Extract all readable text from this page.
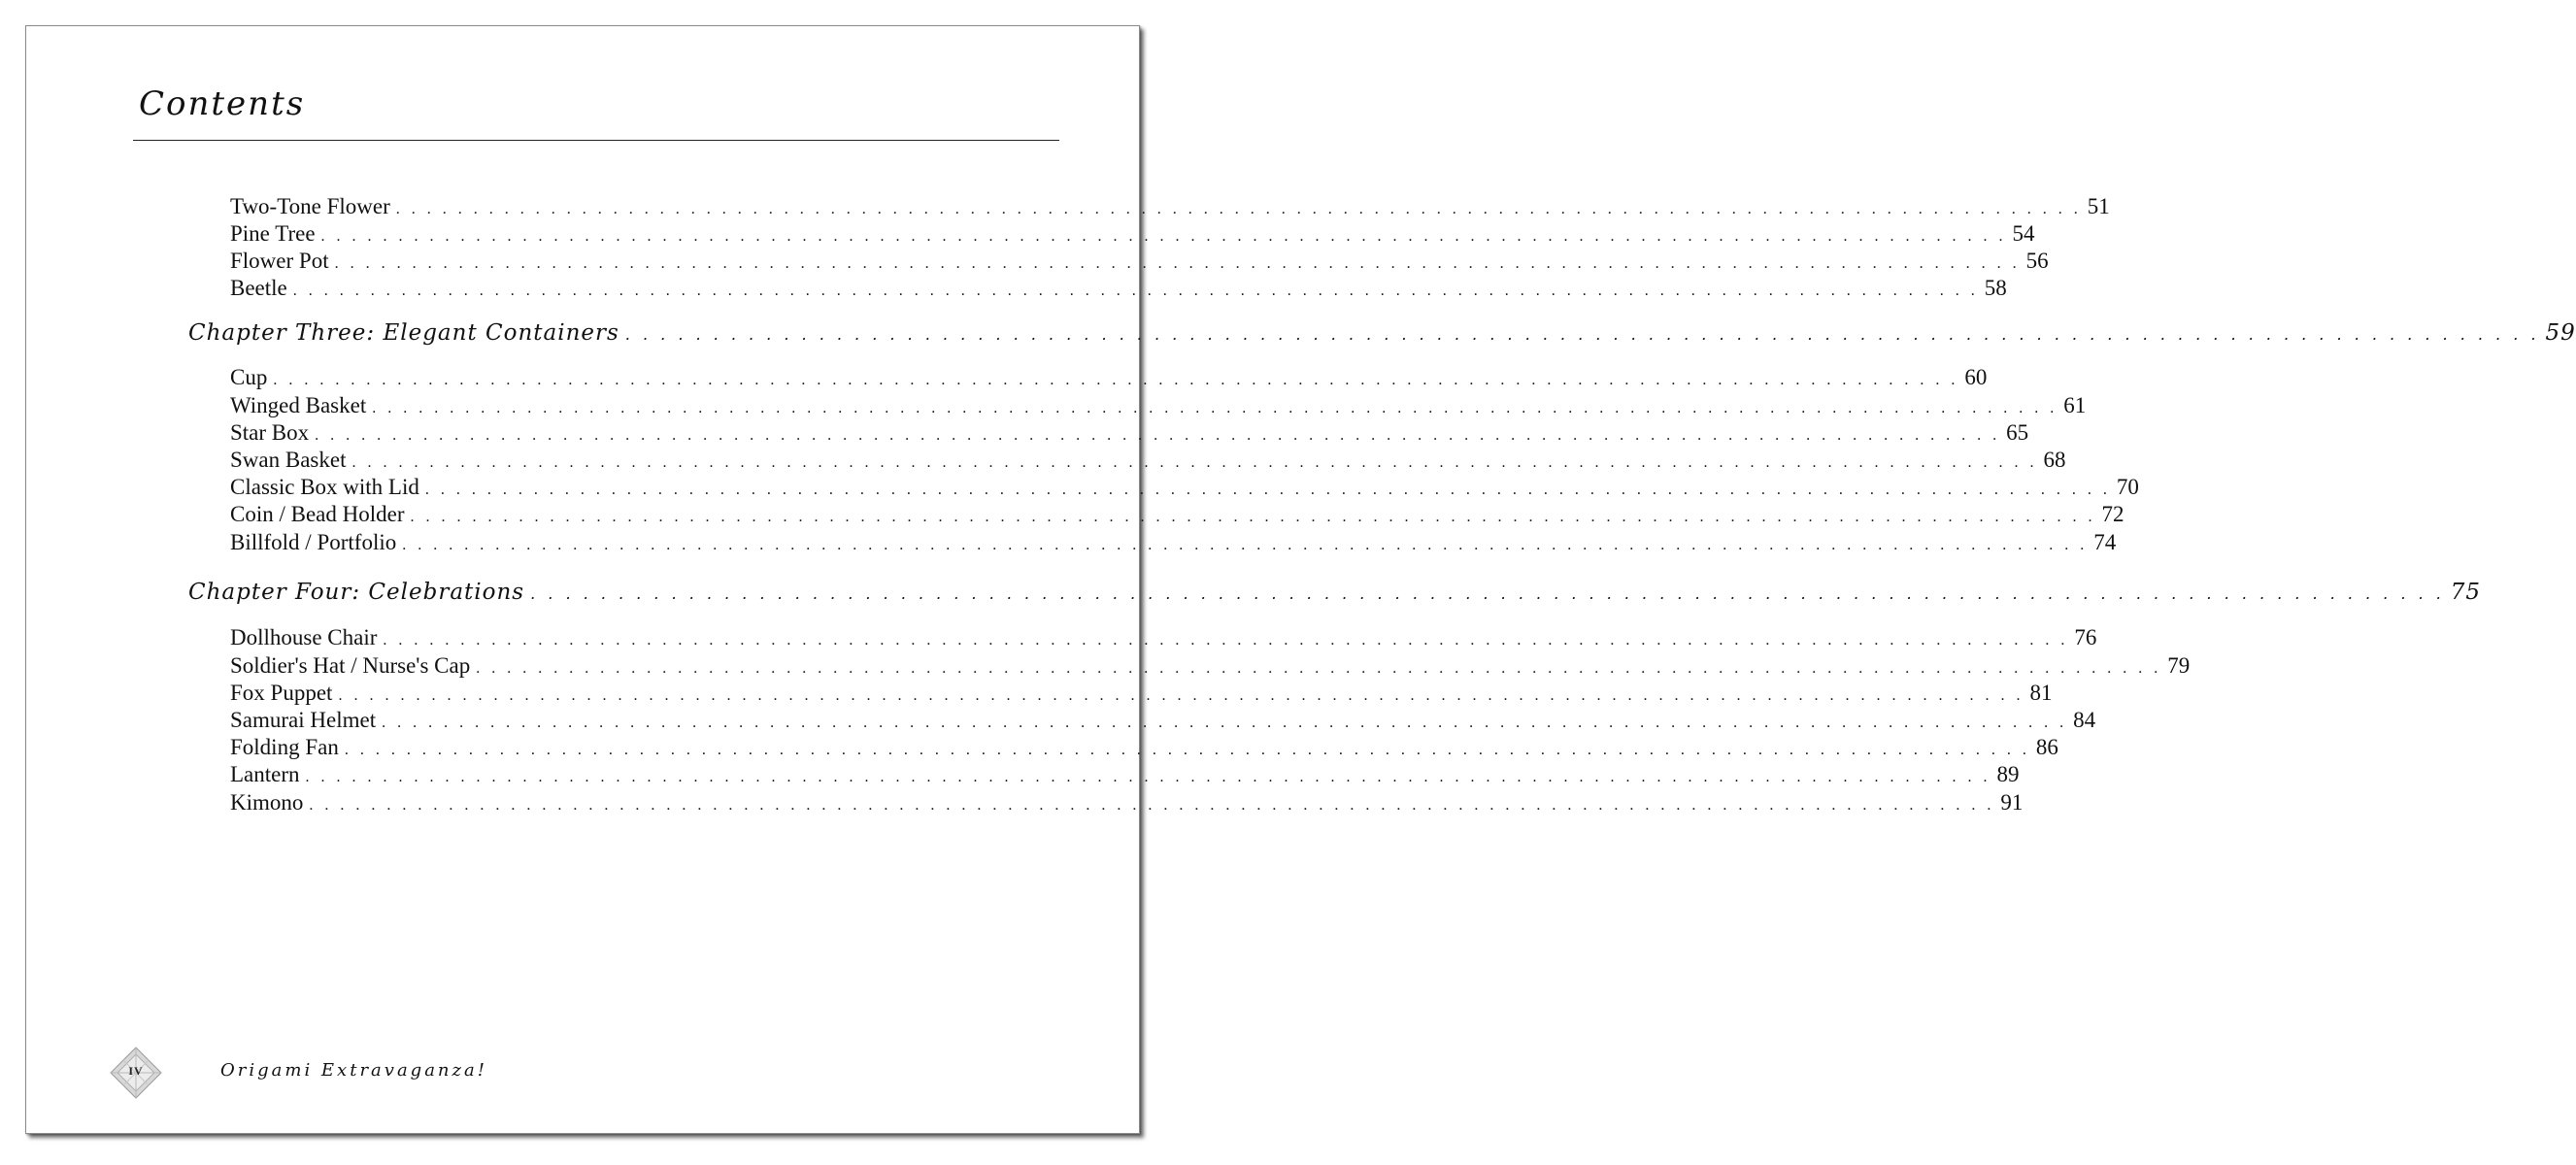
Contents
Two-Tone Flower . . . . . . . . . . . . . . . . . . . . . . . . . . . . . . . . . . . . . . . . . . . . . . . . . . . . . . . . . . . . . . . . . . . . . . . . . . . . . . . . . . . . . . . . . . . . . . . . . . . . . . . . . . . . . 51
Pine Tree . . . . . . . . . . . . . . . . . . . . . . . . . . . . . . . . . . . . . . . . . . . . . . . . . . . . . . . . . . . . . . . . . . . . . . . . . . . . . . . . . . . . . . . . . . . . . . . . . . . . . . . . . . . . . 54
Flower Pot . . . . . . . . . . . . . . . . . . . . . . . . . . . . . . . . . . . . . . . . . . . . . . . . . . . . . . . . . . . . . . . . . . . . . . . . . . . . . . . . . . . . . . . . . . . . . . . . . . . . . . . . . . . . . 56
Beetle . . . . . . . . . . . . . . . . . . . . . . . . . . . . . . . . . . . . . . . . . . . . . . . . . . . . . . . . . . . . . . . . . . . . . . . . . . . . . . . . . . . . . . . . . . . . . . . . . . . . . . . . . . . . . 58
Chapter Three: Elegant Containers . . . . . . . . . . . . . . . . . . . . . . . . . . . . . . . . . . . . . . . . . . . . . . . . . . . . . . . . . . . . . . . . . . . . . . . . . . . . . . . . . . . . . . . . . . . . . . . . . . . . . . . . . . . . . 59
Cup . . . . . . . . . . . . . . . . . . . . . . . . . . . . . . . . . . . . . . . . . . . . . . . . . . . . . . . . . . . . . . . . . . . . . . . . . . . . . . . . . . . . . . . . . . . . . . . . . . . . . . . . . . . . . 60
Winged Basket . . . . . . . . . . . . . . . . . . . . . . . . . . . . . . . . . . . . . . . . . . . . . . . . . . . . . . . . . . . . . . . . . . . . . . . . . . . . . . . . . . . . . . . . . . . . . . . . . . . . . . . . . . . . . 61
Star Box . . . . . . . . . . . . . . . . . . . . . . . . . . . . . . . . . . . . . . . . . . . . . . . . . . . . . . . . . . . . . . . . . . . . . . . . . . . . . . . . . . . . . . . . . . . . . . . . . . . . . . . . . . . . . 65
Swan Basket . . . . . . . . . . . . . . . . . . . . . . . . . . . . . . . . . . . . . . . . . . . . . . . . . . . . . . . . . . . . . . . . . . . . . . . . . . . . . . . . . . . . . . . . . . . . . . . . . . . . . . . . . . . . . 68
Classic Box with Lid . . . . . . . . . . . . . . . . . . . . . . . . . . . . . . . . . . . . . . . . . . . . . . . . . . . . . . . . . . . . . . . . . . . . . . . . . . . . . . . . . . . . . . . . . . . . . . . . . . . . . . . . . . . . . 70
Coin / Bead Holder . . . . . . . . . . . . . . . . . . . . . . . . . . . . . . . . . . . . . . . . . . . . . . . . . . . . . . . . . . . . . . . . . . . . . . . . . . . . . . . . . . . . . . . . . . . . . . . . . . . . . . . . . . . . . 72
Billfold / Portfolio . . . . . . . . . . . . . . . . . . . . . . . . . . . . . . . . . . . . . . . . . . . . . . . . . . . . . . . . . . . . . . . . . . . . . . . . . . . . . . . . . . . . . . . . . . . . . . . . . . . . . . . . . . . . . 74
Chapter Four: Celebrations . . . . . . . . . . . . . . . . . . . . . . . . . . . . . . . . . . . . . . . . . . . . . . . . . . . . . . . . . . . . . . . . . . . . . . . . . . . . . . . . . . . . . . . . . . . . . . . . . . . . . . . . . . . . . 75
Dollhouse Chair . . . . . . . . . . . . . . . . . . . . . . . . . . . . . . . . . . . . . . . . . . . . . . . . . . . . . . . . . . . . . . . . . . . . . . . . . . . . . . . . . . . . . . . . . . . . . . . . . . . . . . . . . . . . . 76
Soldier's Hat / Nurse's Cap . . . . . . . . . . . . . . . . . . . . . . . . . . . . . . . . . . . . . . . . . . . . . . . . . . . . . . . . . . . . . . . . . . . . . . . . . . . . . . . . . . . . . . . . . . . . . . . . . . . . . . . . . . . . . 79
Fox Puppet . . . . . . . . . . . . . . . . . . . . . . . . . . . . . . . . . . . . . . . . . . . . . . . . . . . . . . . . . . . . . . . . . . . . . . . . . . . . . . . . . . . . . . . . . . . . . . . . . . . . . . . . . . . . . 81
Samurai Helmet . . . . . . . . . . . . . . . . . . . . . . . . . . . . . . . . . . . . . . . . . . . . . . . . . . . . . . . . . . . . . . . . . . . . . . . . . . . . . . . . . . . . . . . . . . . . . . . . . . . . . . . . . . . . . 84
Folding Fan . . . . . . . . . . . . . . . . . . . . . . . . . . . . . . . . . . . . . . . . . . . . . . . . . . . . . . . . . . . . . . . . . . . . . . . . . . . . . . . . . . . . . . . . . . . . . . . . . . . . . . . . . . . . . 86
Lantern . . . . . . . . . . . . . . . . . . . . . . . . . . . . . . . . . . . . . . . . . . . . . . . . . . . . . . . . . . . . . . . . . . . . . . . . . . . . . . . . . . . . . . . . . . . . . . . . . . . . . . . . . . . . . 89
Kimono . . . . . . . . . . . . . . . . . . . . . . . . . . . . . . . . . . . . . . . . . . . . . . . . . . . . . . . . . . . . . . . . . . . . . . . . . . . . . . . . . . . . . . . . . . . . . . . . . . . . . . . . . . . . . 91
IV	Origami Extravaganza!
